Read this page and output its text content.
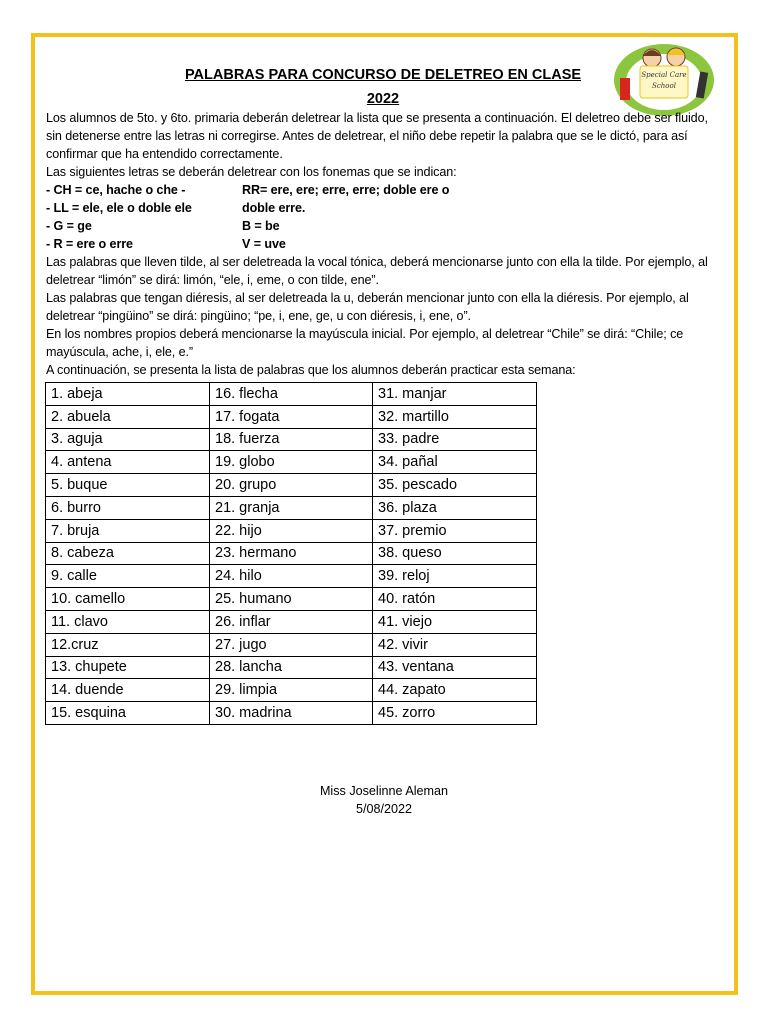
Special Care
School
PALABRAS PARA CONCURSO DE DELETREO EN CLASE
2022

Los alumnos de 5to. y 6to. primaria deberán deletrear la lista que se presenta a continuación. El deletreo debe ser fluido, sin detenerse entre las letras ni corregirse. Antes de deletrear, el niño debe repetir la palabra que se le dictó, para así confirmar que ha entendido correctamente.

Las siguientes letras se deberán deletrear con los fonemas que se indican:

- CH = ce, hache o che -	RR= ere, ere; erre, erre; doble ere o
- LL = ele, ele o doble ele	doble erre.
- G = ge	B = be
- R = ere o erre	V = uve

Las palabras que lleven tilde, al ser deletreada la vocal tónica, deberá mencionarse junto con ella la tilde. Por ejemplo, al deletrear “limón” se dirá: limón, “ele, i, eme, o con tilde, ene”.

Las palabras que tengan diéresis, al ser deletreada la u, deberán mencionar junto con ella la diéresis. Por ejemplo, al deletrear “pingüino” se dirá: pingüino; “pe, i, ene, ge, u con diéresis, i, ene, o”.

En los nombres propios deberá mencionarse la mayúscula inicial. Por ejemplo, al deletrear “Chile” se dirá: “Chile; ce mayúscula, ache, i, ele, e.”

A continuación, se presenta la lista de palabras que los alumnos deberán practicar esta semana:

1. abeja	16. flecha	31. manjar
2. abuela	17. fogata	32. martillo
3. aguja	18. fuerza	33. padre
4. antena	19. globo	34. pañal
5. buque	20. grupo	35. pescado
6. burro	21. granja	36. plaza
7. bruja	22. hijo	37. premio
8. cabeza	23. hermano	38. queso
9. calle	24. hilo	39. reloj
10. camello	25. humano	40. ratón
11. clavo	26. inflar	41. viejo
12.cruz	27. jugo	42. vivir
13. chupete	28. lancha	43. ventana
14. duende	29. limpia	44. zapato
15. esquina	30. madrina	45. zorro
Miss Joselinne Aleman
5/08/2022
